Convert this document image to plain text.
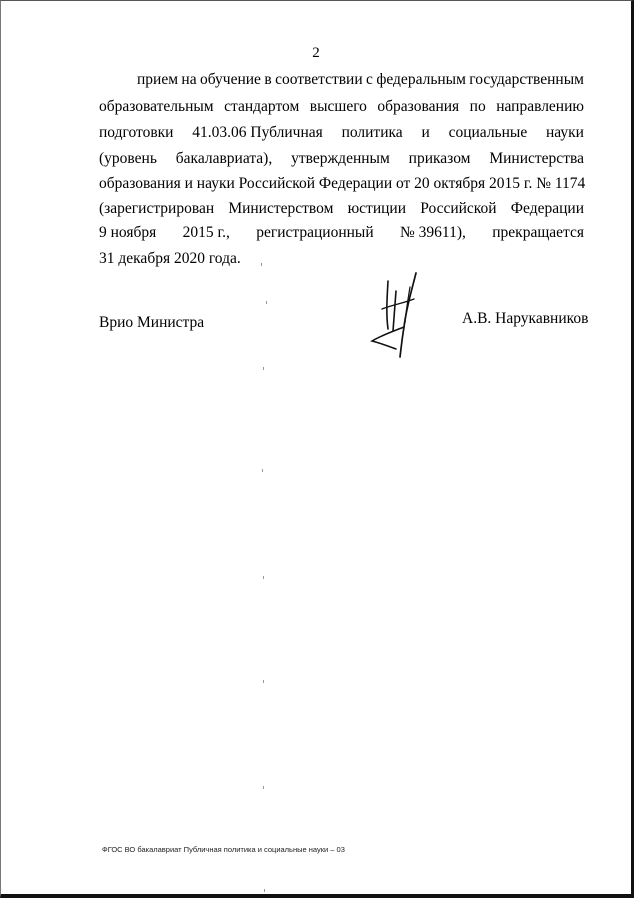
2
прием на обучение в соответствии с федеральным государственным
образовательным стандартом высшего образования по направлению
подготовки 41.03.06 Публичная политика и социальные науки
(уровень бакалавриата), утвержденным приказом Министерства
образования и науки Российской Федерации от 20 октября 2015 г. № 1174
(зарегистрирован Министерством юстиции Российской Федерации
9 ноября 2015 г., регистрационный № 39611), прекращается
31 декабря 2020 года.
Врио Министра	А.В. Нарукавников
ФГОС ВО бакалавриат Публичная политика и социальные науки – 03
